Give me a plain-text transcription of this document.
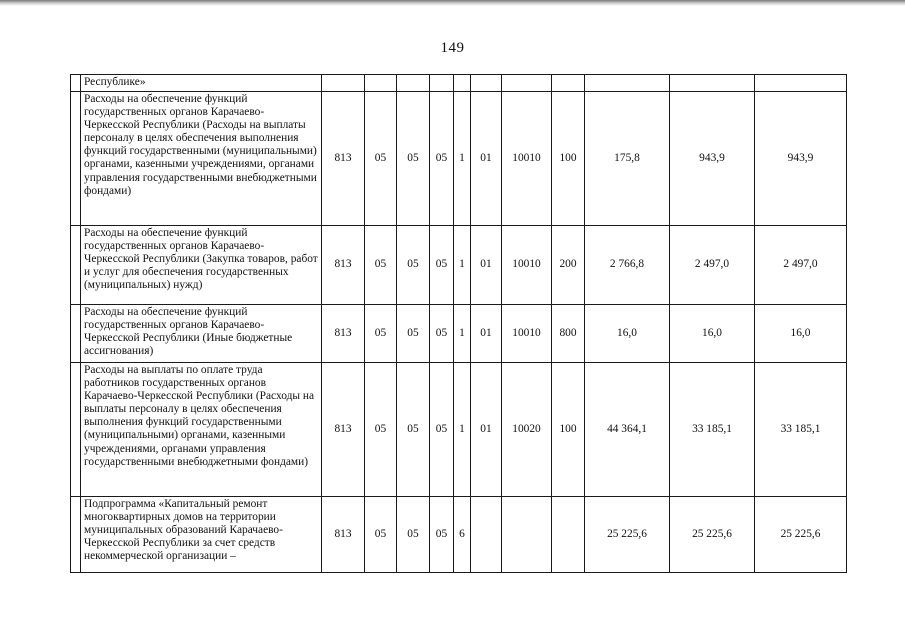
149
	Республике»											
	Расходы на обеспечение функций государственных органов Карачаево-Черкесской Республики (Расходы на выплаты персоналу в целях обеспечения выполнения функций государственными (муниципальными) органами, казенными учреждениями, органами управления государственными внебюджетными фондами)	813	05	05	05	1	01	10010	100	175,8	943,9	943,9
	Расходы на обеспечение функций государственных органов Карачаево-Черкесской Республики (Закупка товаров, работ и услуг для обеспечения государственных (муниципальных) нужд)	813	05	05	05	1	01	10010	200	2 766,8	2 497,0	2 497,0
	Расходы на обеспечение функций государственных органов Карачаево-Черкесской Республики (Иные бюджетные ассигнования)	813	05	05	05	1	01	10010	800	16,0	16,0	16,0
	Расходы на выплаты по оплате труда работников государственных органов Карачаево-Черкесской Республики (Расходы на выплаты персоналу в целях обеспечения выполнения функций государственными (муниципальными) органами, казенными учреждениями, органами управления государственными внебюджетными фондами)	813	05	05	05	1	01	10020	100	44 364,1	33 185,1	33 185,1
	Подпрограмма «Капитальный ремонт многоквартирных домов на территории муниципальных образований Карачаево-Черкесской Республики за счет средств некоммерческой организации –	813	05	05	05	6				25 225,6	25 225,6	25 225,6
